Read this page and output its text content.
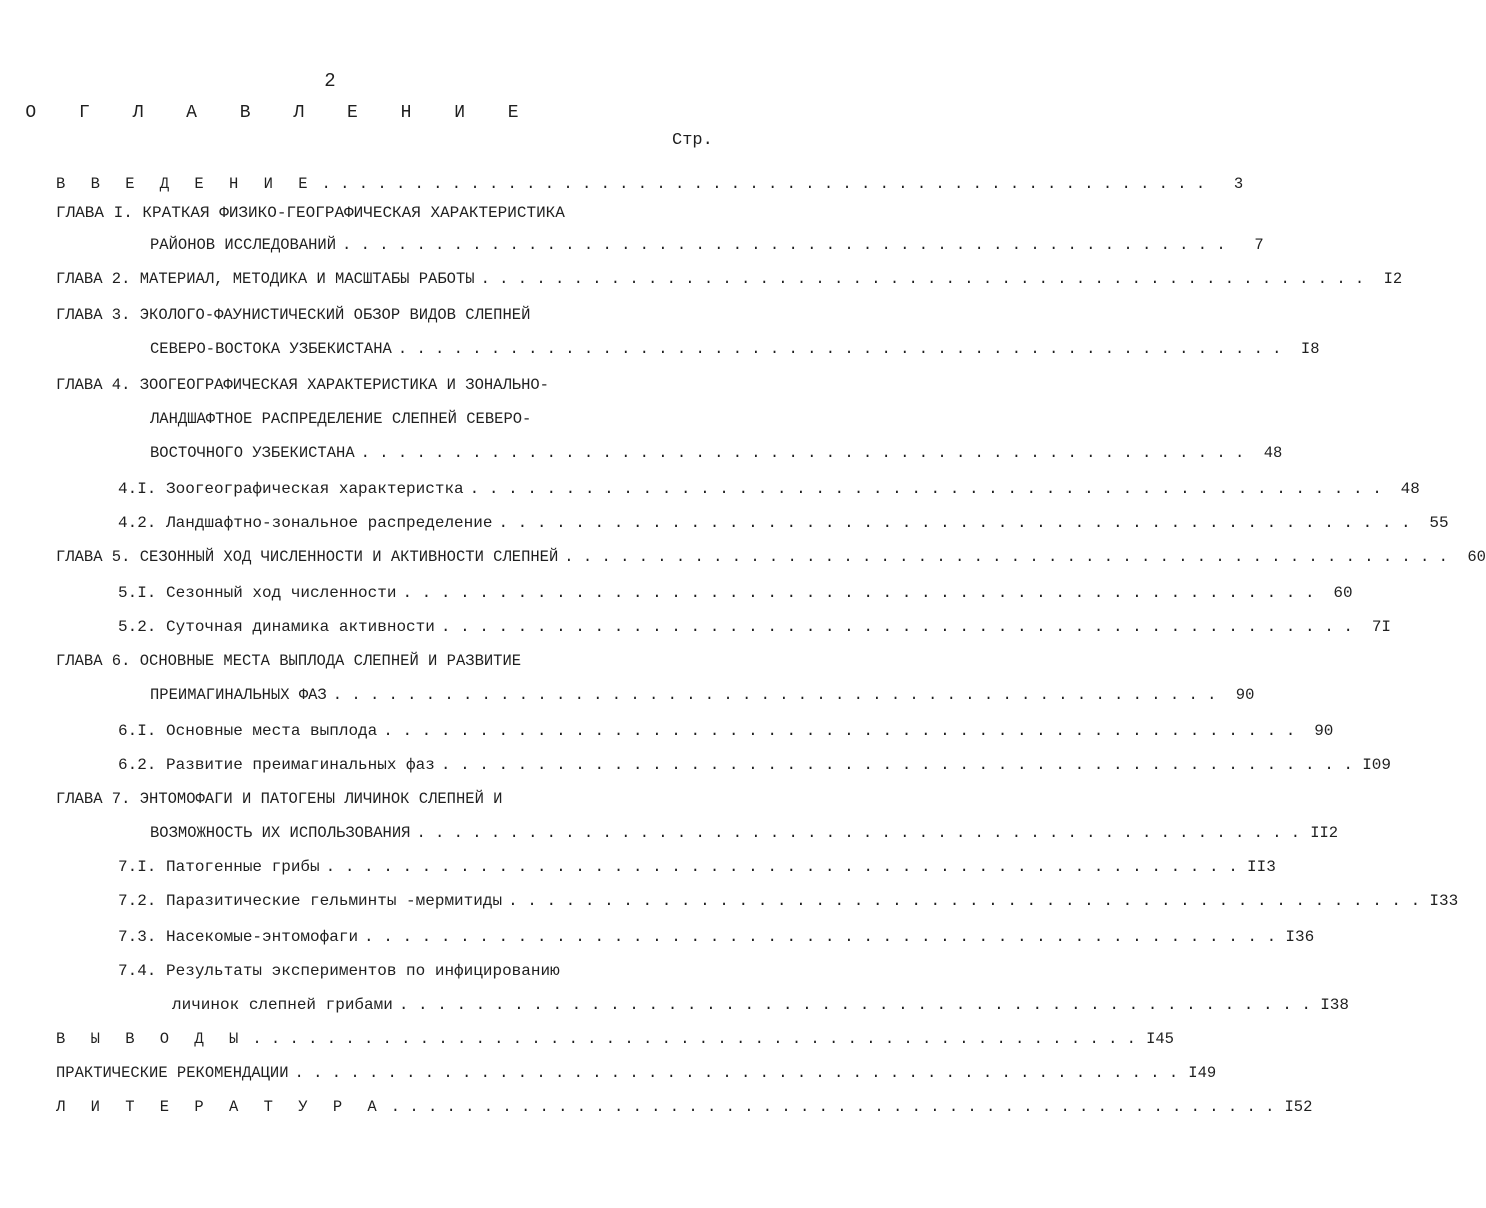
2
О Г Л А В Л Е Н И Е
Стр.
В В Е Д Е Н И Е . . . . . . . . . . . . . . . . . . . . . . . . . . . . . . . . . . . . . . . . . . . . . . . .	3
ГЛАВА I. КРАТКАЯ ФИЗИКО-ГЕОГРАФИЧЕСКАЯ ХАРАКТЕРИСТИКА
РАЙОНОВ ИССЛЕДОВАНИЙ . . . . . . . . . . . . . . . . . . . . . . . . . . . . . . . . . . . . . . . . . . . . . . . .	7
ГЛАВА 2. МАТЕРИАЛ, МЕТОДИКА И МАСШТАБЫ РАБОТЫ . . . . . . . . . . . . . . . . . . . . . . . . . . . . . . . . . . . . . . . . . . . . . . . .	I2
ГЛАВА 3. ЭКОЛОГО-ФАУНИСТИЧЕСКИЙ ОБЗОР ВИДОВ СЛЕПНЕЙ
СЕВЕРО-ВОСТОКА УЗБЕКИСТАНА . . . . . . . . . . . . . . . . . . . . . . . . . . . . . . . . . . . . . . . . . . . . . . . .	I8
ГЛАВА 4. ЗООГЕОГРАФИЧЕСКАЯ ХАРАКТЕРИСТИКА И ЗОНАЛЬНО-
ЛАНДШАФТНОЕ РАСПРЕДЕЛЕНИЕ СЛЕПНЕЙ СЕВЕРО-
ВОСТОЧНОГО УЗБЕКИСТАНА . . . . . . . . . . . . . . . . . . . . . . . . . . . . . . . . . . . . . . . . . . . . . . . .	48
4.I. Зоогеографическая характеристка . . . . . . . . . . . . . . . . . . . . . . . . . . . . . . . . . . . . . . . . . . . . . . . .	48
4.2. Ландшафтно-зональное распределение . . . . . . . . . . . . . . . . . . . . . . . . . . . . . . . . . . . . . . . . . . . . . . . .	55
ГЛАВА 5. СЕЗОННЫЙ ХОД ЧИСЛЕННОСТИ И АКТИВНОСТИ СЛЕПНЕЙ . . . . . . . . . . . . . . . . . . . . . . . . . . . . . . . . . . . . . . . . . . . . . . . .	60
5.I. Сезонный ход численности . . . . . . . . . . . . . . . . . . . . . . . . . . . . . . . . . . . . . . . . . . . . . . . .	60
5.2. Суточная динамика активности . . . . . . . . . . . . . . . . . . . . . . . . . . . . . . . . . . . . . . . . . . . . . . . .	7I
ГЛАВА 6. ОСНОВНЫЕ МЕСТА ВЫПЛОДА СЛЕПНЕЙ И РАЗВИТИЕ
ПРЕИМАГИНАЛЬНЫХ ФАЗ . . . . . . . . . . . . . . . . . . . . . . . . . . . . . . . . . . . . . . . . . . . . . . . .	90
6.I. Основные места выплода . . . . . . . . . . . . . . . . . . . . . . . . . . . . . . . . . . . . . . . . . . . . . . . .	90
6.2. Развитие преимагинальных фаз . . . . . . . . . . . . . . . . . . . . . . . . . . . . . . . . . . . . . . . . . . . . . . . . I09
ГЛАВА 7. ЭНТОМОФАГИ И ПАТОГЕНЫ ЛИЧИНОК СЛЕПНЕЙ И
ВОЗМОЖНОСТЬ ИХ ИСПОЛЬЗОВАНИЯ . . . . . . . . . . . . . . . . . . . . . . . . . . . . . . . . . . . . . . . . . . . . . . . . II2
7.I. Патогенные грибы . . . . . . . . . . . . . . . . . . . . . . . . . . . . . . . . . . . . . . . . . . . . . . . . II3
7.2. Паразитические гельминты -мермитиды . . . . . . . . . . . . . . . . . . . . . . . . . . . . . . . . . . . . . . . . . . . . . . . . I33
7.3. Насекомые-энтомофаги . . . . . . . . . . . . . . . . . . . . . . . . . . . . . . . . . . . . . . . . . . . . . . . . I36
7.4. Результаты экспериментов по инфицированию
личинок слепней грибами . . . . . . . . . . . . . . . . . . . . . . . . . . . . . . . . . . . . . . . . . . . . . . . . I38
В Ы В О Д Ы . . . . . . . . . . . . . . . . . . . . . . . . . . . . . . . . . . . . . . . . . . . . . . . . I45
ПРАКТИЧЕСКИЕ РЕКОМЕНДАЦИИ . . . . . . . . . . . . . . . . . . . . . . . . . . . . . . . . . . . . . . . . . . . . . . . . I49
Л И Т Е Р А Т У Р А . . . . . . . . . . . . . . . . . . . . . . . . . . . . . . . . . . . . . . . . . . . . . . . . I52
